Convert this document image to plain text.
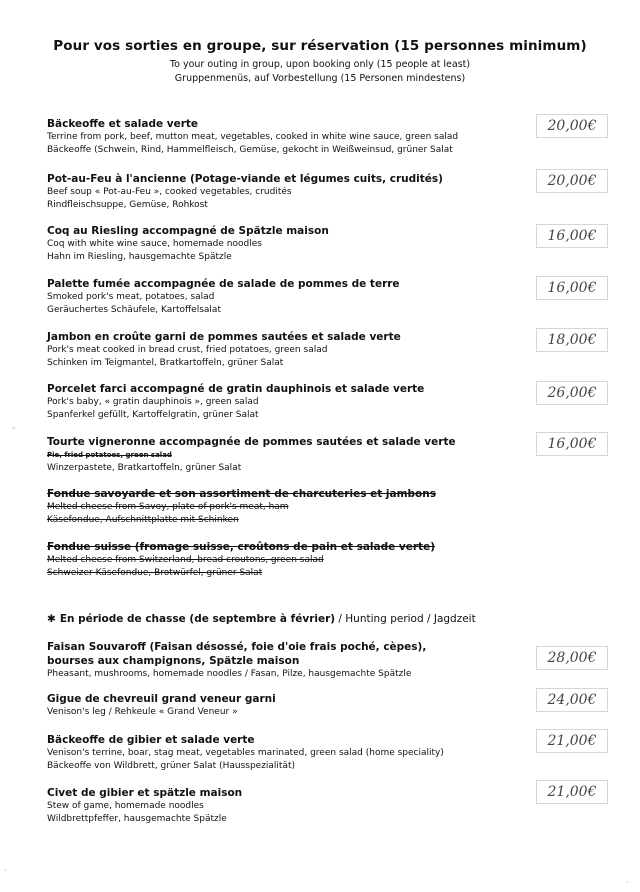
Pour vos sorties en groupe, sur réservation (15 personnes minimum)
To your outing in group, upon booking only (15 people at least)
Gruppenmenüs, auf Vorbestellung (15 Personen mindestens)
Bäckeoffe et salade verte
Terrine from pork, beef, mutton meat, vegetables, cooked in white wine sauce, green salad
Bäckeoffe (Schwein, Rind, Hammelfleisch, Gemüse, gekocht in Weißweinsud, grüner Salat
20,00€
Pot-au-Feu à l'ancienne (Potage-viande et légumes cuits, crudités)
Beef soup « Pot-au-Feu », cooked vegetables, crudités
Rindfleischsuppe, Gemüse, Rohkost
20,00€
Coq au Riesling accompagné de Spätzle maison
Coq with white wine sauce, homemade noodles
Hahn im Riesling, hausgemachte Spätzle
16,00€
Palette fumée accompagnée de salade de pommes de terre
Smoked pork's meat, potatoes, salad
Geräuchertes Schäufele, Kartoffelsalat
16,00€
Jambon en croûte garni de pommes sautées et salade verte
Pork's meat cooked in bread crust, fried potatoes, green salad
Schinken im Teigmantel, Bratkartoffeln, grüner Salat
18,00€
Porcelet farci accompagné de gratin dauphinois et salade verte
Pork's baby, « gratin dauphinois », green salad
Spanferkel gefüllt, Kartoffelgratin, grüner Salat
26,00€
Tourte vigneronne accompagnée de pommes sautées et salade verte
Pie, fried potatoes, green salad
Winzerpastete, Bratkartoffeln, grüner Salat
16,00€
Fondue savoyarde et son assortiment de charcuteries et jambons
Melted cheese from Savoy, plate of pork's meat, ham
Käsefondue, Aufschnittplatte mit Schinken
Fondue suisse (fromage suisse, croûtons de pain et salade verte)
Melted cheese from Switzerland, bread croutons, green salad
Schweizer Käsefondue, Brotwürfel, grüner Salat
✱ En période de chasse (de septembre à février) / Hunting period / Jagdzeit
Faisan Souvaroff (Faisan désossé, foie d'oie frais poché, cèpes),
bourses aux champignons, Spätzle maison
Pheasant, mushrooms, homemade noodles / Fasan, Pilze, hausgemachte Spätzle
28,00€
Gigue de chevreuil grand veneur garni
Venison's leg / Rehkeule « Grand Veneur »
24,00€
Bäckeoffe de gibier et salade verte
Venison's terrine, boar, stag meat, vegetables marinated, green salad (home speciality)
Bäckeoffe von Wildbrett, grüner Salat (Hausspezialität)
21,00€
Civet de gibier et spätzle maison
Stew of game, homemade noodles
Wildbrettpfeffer, hausgemachte Spätzle
21,00€
ᴬ
·
·
